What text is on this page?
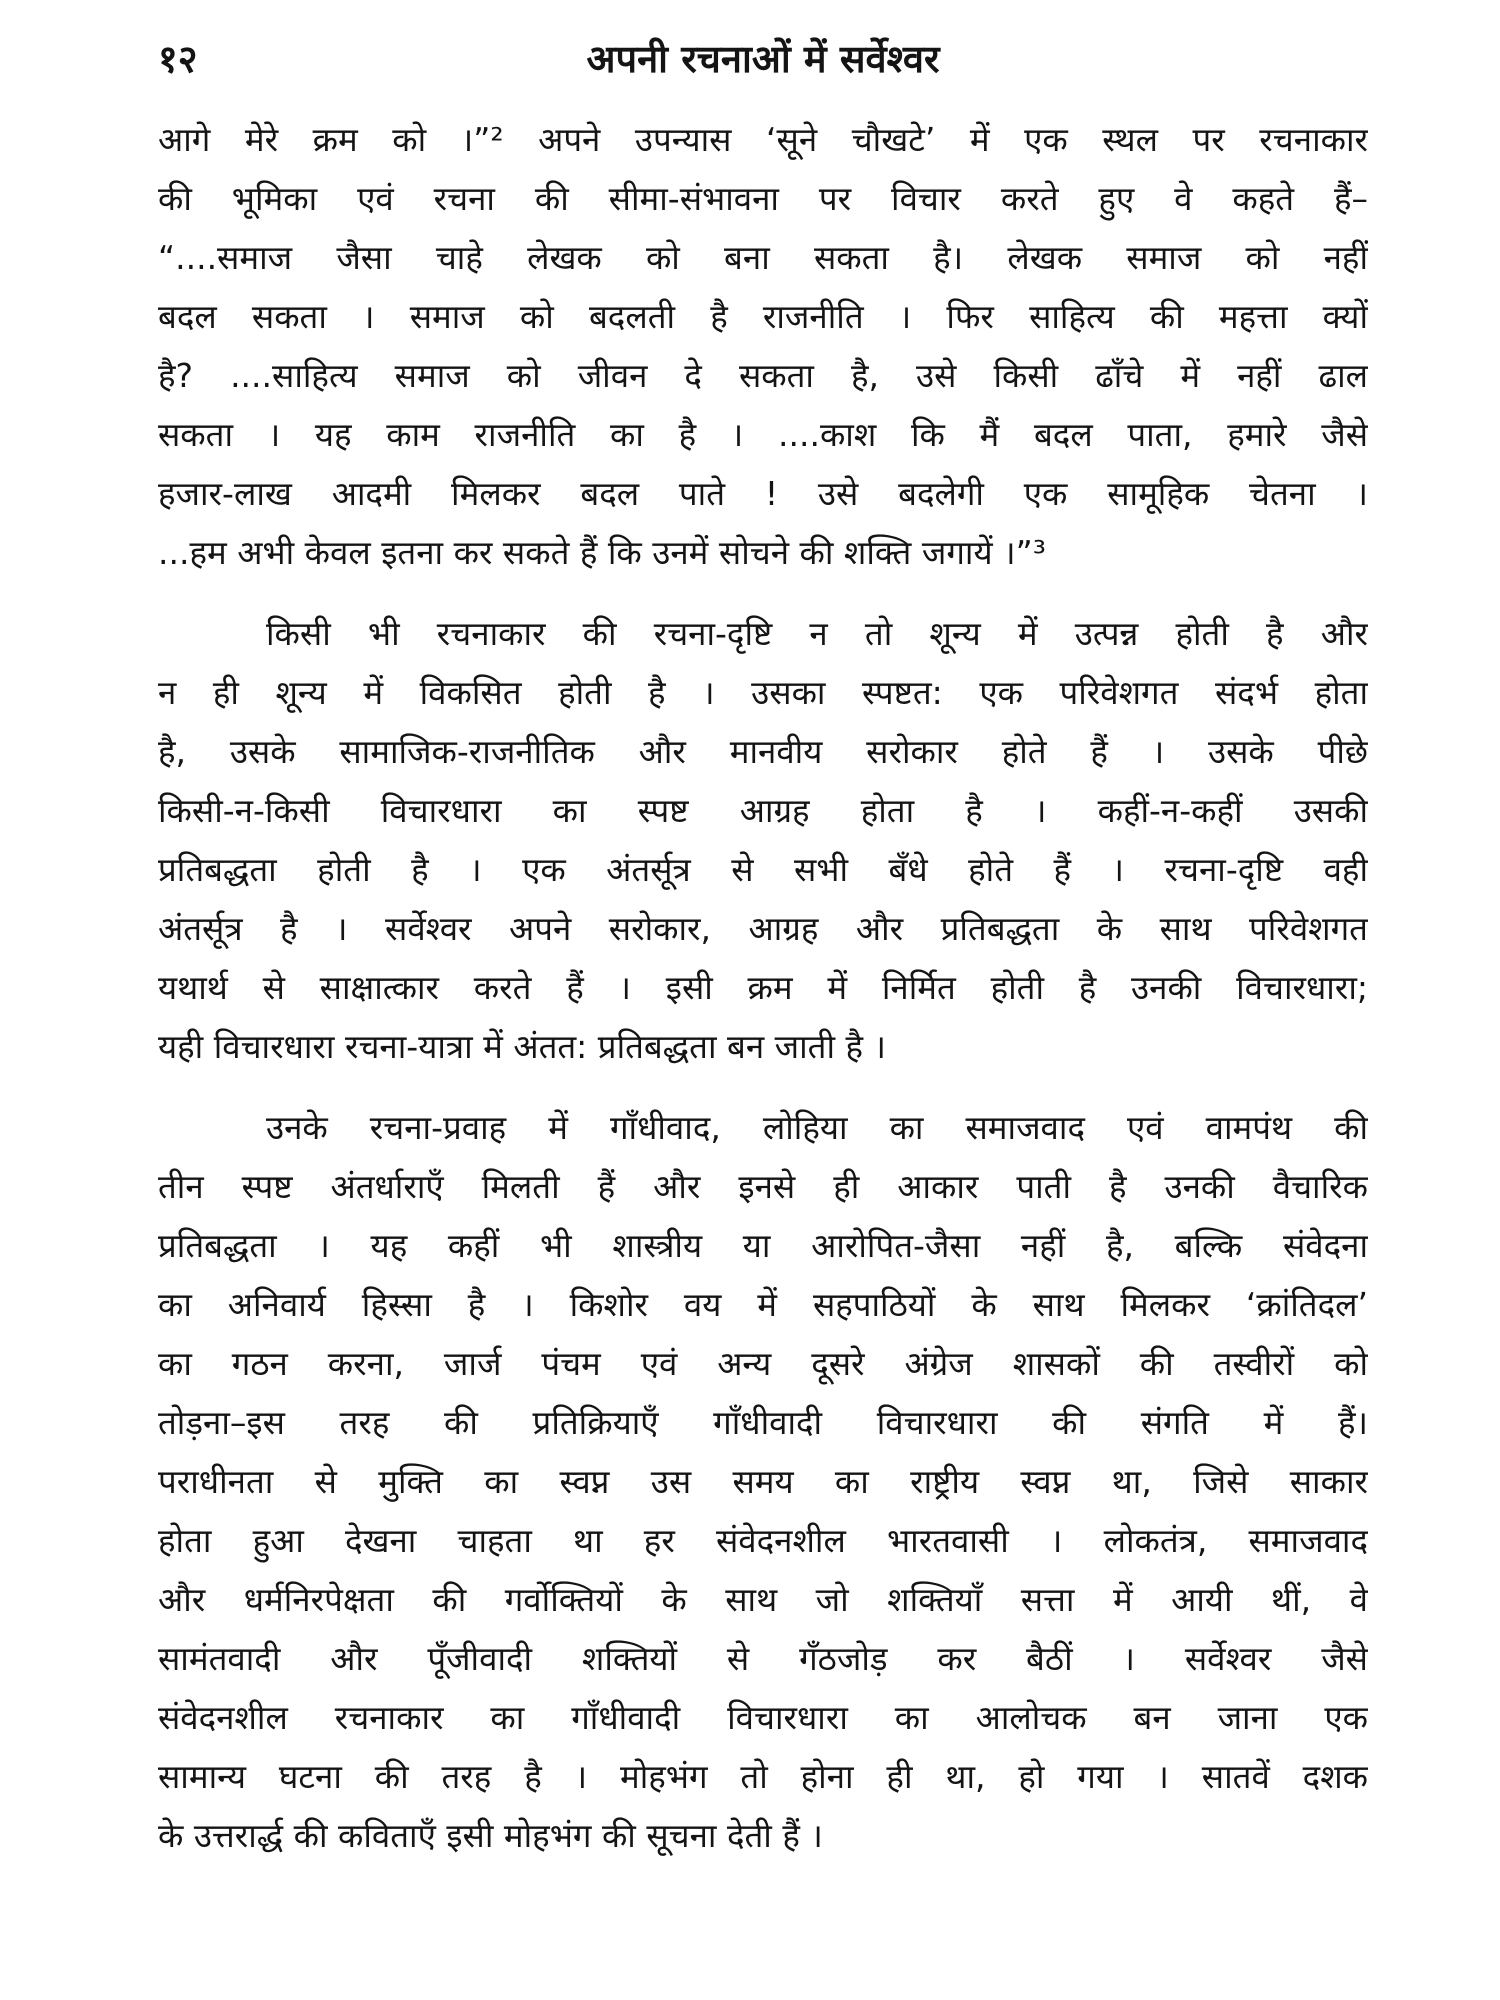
१२	अपनी रचनाओं में सर्वेश्वर

आगे मेरे क्रम को ।”² अपने उपन्यास ‘सूने चौखटे’ में एक स्थल पर रचनाकार
की भूमिका एवं रचना की सीमा-संभावना पर विचार करते हुए वे कहते हैं–
“....समाज जैसा चाहे लेखक को बना सकता है। लेखक समाज को नहीं
बदल सकता । समाज को बदलती है राजनीति । फिर साहित्य की महत्ता क्यों
है? ....साहित्य समाज को जीवन दे सकता है, उसे किसी ढाँचे में नहीं ढाल
सकता । यह काम राजनीति का है । ....काश कि मैं बदल पाता, हमारे जैसे
हजार-लाख आदमी मिलकर बदल पाते ! उसे बदलेगी एक सामूहिक चेतना ।
...हम अभी केवल इतना कर सकते हैं कि उनमें सोचने की शक्ति जगायें ।”³

किसी भी रचनाकार की रचना-दृष्टि न तो शून्य में उत्पन्न होती है और
न ही शून्य में विकसित होती है । उसका स्पष्टत: एक परिवेशगत संदर्भ होता
है, उसके सामाजिक-राजनीतिक और मानवीय सरोकार होते हैं । उसके पीछे
किसी-न-किसी विचारधारा का स्पष्ट आग्रह होता है । कहीं-न-कहीं उसकी
प्रतिबद्धता होती है । एक अंतर्सूत्र से सभी बँधे होते हैं । रचना-दृष्टि वही
अंतर्सूत्र है । सर्वेश्वर अपने सरोकार, आग्रह और प्रतिबद्धता के साथ परिवेशगत
यथार्थ से साक्षात्कार करते हैं । इसी क्रम में निर्मित होती है उनकी विचारधारा;
यही विचारधारा रचना-यात्रा में अंतत: प्रतिबद्धता बन जाती है ।

उनके रचना-प्रवाह में गाँधीवाद, लोहिया का समाजवाद एवं वामपंथ की
तीन स्पष्ट अंतर्धाराएँ मिलती हैं और इनसे ही आकार पाती है उनकी वैचारिक
प्रतिबद्धता । यह कहीं भी शास्त्रीय या आरोपित-जैसा नहीं है, बल्कि संवेदना
का अनिवार्य हिस्सा है । किशोर वय में सहपाठियों के साथ मिलकर ‘क्रांतिदल’
का गठन करना, जार्ज पंचम एवं अन्य दूसरे अंग्रेज शासकों की तस्वीरों को
तोड़ना–इस तरह की प्रतिक्रियाएँ गाँधीवादी विचारधारा की संगति में हैं।
पराधीनता से मुक्ति का स्वप्न उस समय का राष्ट्रीय स्वप्न था, जिसे साकार
होता हुआ देखना चाहता था हर संवेदनशील भारतवासी । लोकतंत्र, समाजवाद
और धर्मनिरपेक्षता की गर्वोक्तियों के साथ जो शक्तियाँ सत्ता में आयी थीं, वे
सामंतवादी और पूँजीवादी शक्तियों से गँठजोड़ कर बैठीं । सर्वेश्वर जैसे
संवेदनशील रचनाकार का गाँधीवादी विचारधारा का आलोचक बन जाना एक
सामान्य घटना की तरह है । मोहभंग तो होना ही था, हो गया । सातवें दशक
के उत्तरार्द्ध की कविताएँ इसी मोहभंग की सूचना देती हैं ।
